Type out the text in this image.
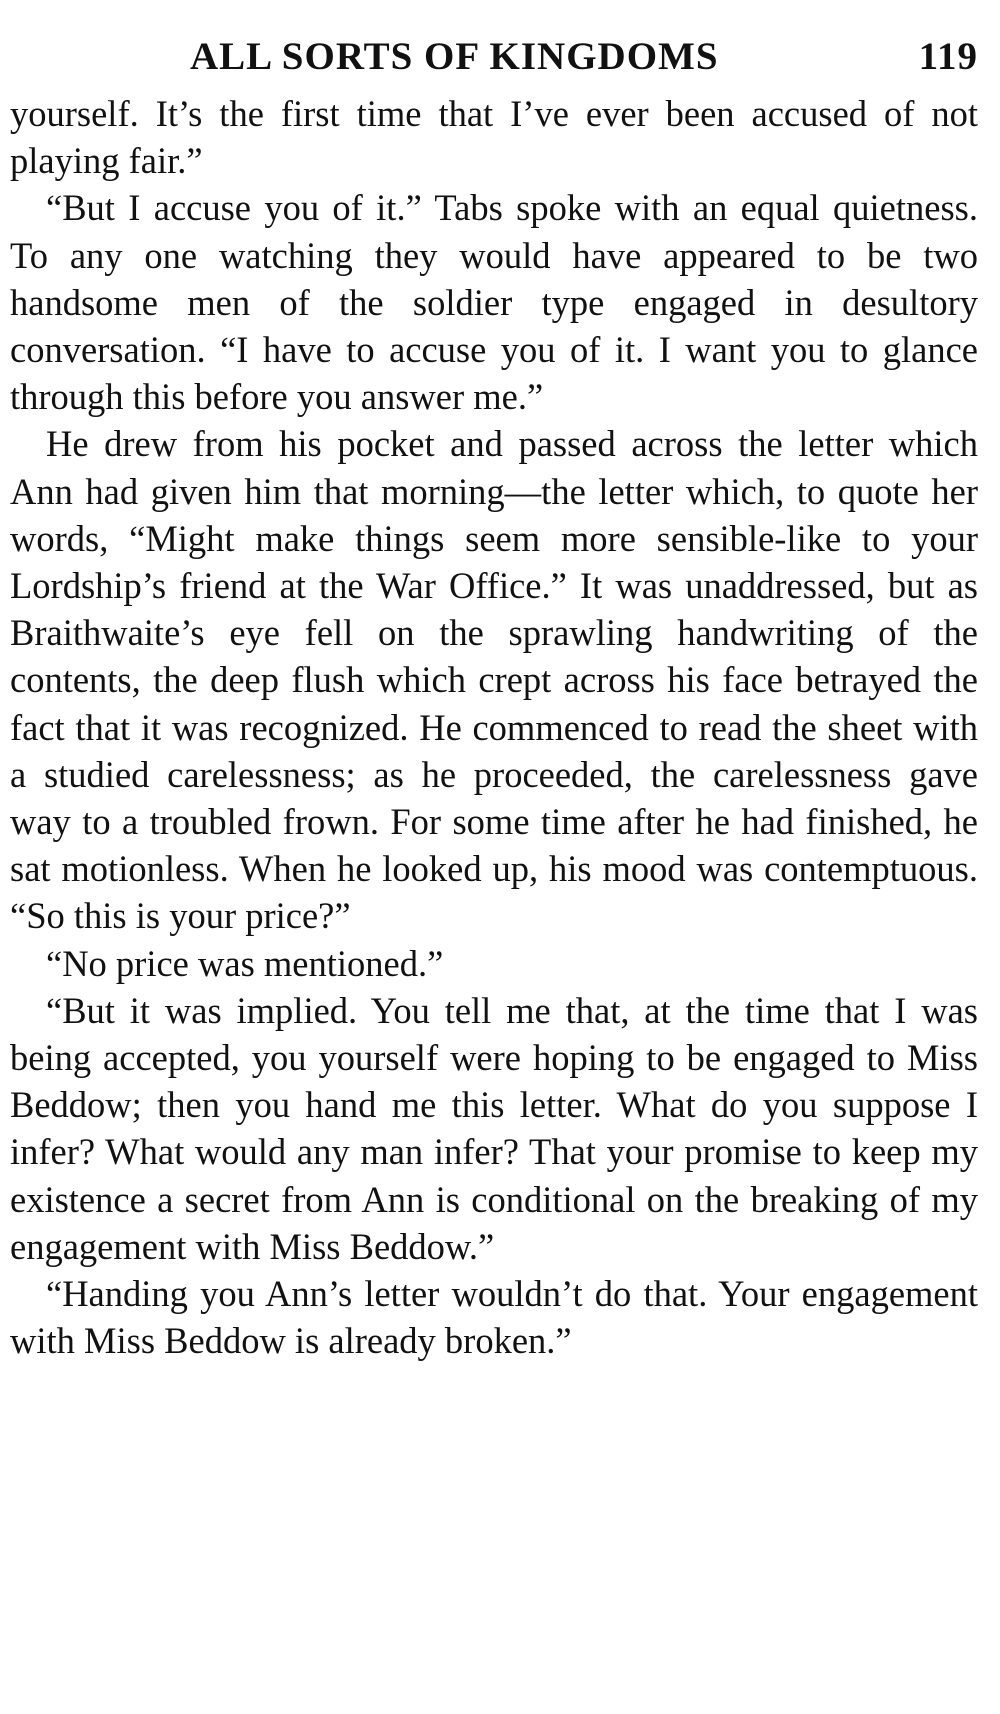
ALL SORTS OF KINGDOMS	119

yourself. It’s the first time that I’ve ever been accused of not playing fair.”

“But I accuse you of it.” Tabs spoke with an equal quietness. To any one watching they would have appeared to be two handsome men of the soldier type engaged in desultory conversation. “I have to accuse you of it. I want you to glance through this before you answer me.”

He drew from his pocket and passed across the letter which Ann had given him that morning—the letter which, to quote her words, “Might make things seem more sensible-like to your Lordship’s friend at the War Office.” It was unaddressed, but as Braithwaite’s eye fell on the sprawling handwriting of the contents, the deep flush which crept across his face betrayed the fact that it was recognized. He commenced to read the sheet with a studied carelessness; as he proceeded, the carelessness gave way to a troubled frown. For some time after he had finished, he sat motionless. When he looked up, his mood was contemptuous. “So this is your price?”

“No price was mentioned.”

“But it was implied. You tell me that, at the time that I was being accepted, you yourself were hoping to be engaged to Miss Beddow; then you hand me this letter. What do you suppose I infer? What would any man infer? That your promise to keep my existence a secret from Ann is conditional on the breaking of my engagement with Miss Beddow.”

“Handing you Ann’s letter wouldn’t do that. Your engagement with Miss Beddow is already broken.”
